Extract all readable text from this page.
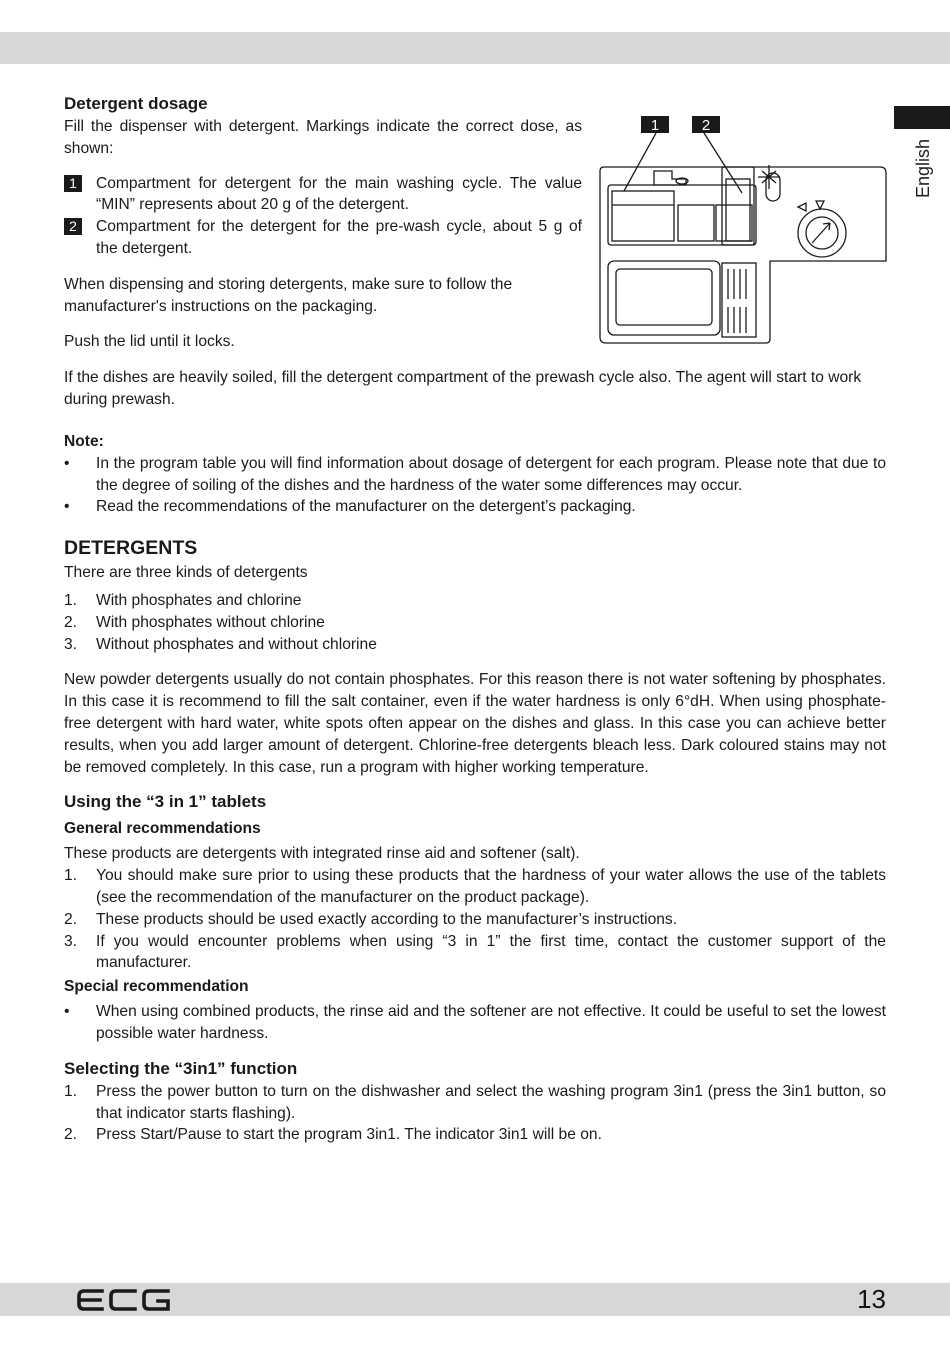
English
Detergent dosage

Fill the dispenser with detergent. Markings indicate the correct dose, as shown:

1	Compartment for detergent for the main washing cycle. The value “MIN” represents about 20 g of the detergent.
2	Compartment for the detergent for the pre-wash cycle, about 5 g of the detergent.

When dispensing and storing detergents, make sure to follow the manufacturer's instructions on the packaging.

Push the lid until it locks.

If the dishes are heavily soiled, fill the detergent compartment of the prewash cycle also. The agent will start to work during prewash.

Note:
•	In the program table you will find information about dosage of detergent for each program. Please note that due to the degree of soiling of the dishes and the hardness of the water some differences may occur.
•	Read the recommendations of the manufacturer on the detergent’s packaging.
DETERGENTS

There are three kinds of detergents

1.	With phosphates and chlorine
2.	With phosphates without chlorine
3.	Without phosphates and without chlorine

New powder detergents usually do not contain phosphates. For this reason there is not water softening by phosphates. In this case it is recommend to fill the salt container, even if the water hardness is only 6°dH. When using phosphate-free detergent with hard water, white spots often appear on the dishes and glass. In this case you can achieve better results, when you add larger amount of detergent. Chlorine-free detergents bleach less. Dark coloured stains may not be removed completely. In this case, run a program with higher working temperature.

Using the “3 in 1” tablets
General recommendations

These products are detergents with integrated rinse aid and softener (salt).

1.	You should make sure prior to using these products that the hardness of your water allows the use of the tablets (see the recommendation of the manufacturer on the product package).
2.	These products should be used exactly according to the manufacturer’s instructions.
3.	If you would encounter problems when using “3 in 1” the first time, contact the customer support of the manufacturer.
Special recommendation
•	When using combined products, the rinse aid and the softener are not effective. It could be useful to set the lowest possible water hardness.
Selecting the “3in1” function
1.	Press the power button to turn on the dishwasher and select the washing program 3in1 (press the 3in1 button, so that indicator starts flashing).
2.	Press Start/Pause to start the program 3in1. The indicator 3in1 will be on.
1	2
13
